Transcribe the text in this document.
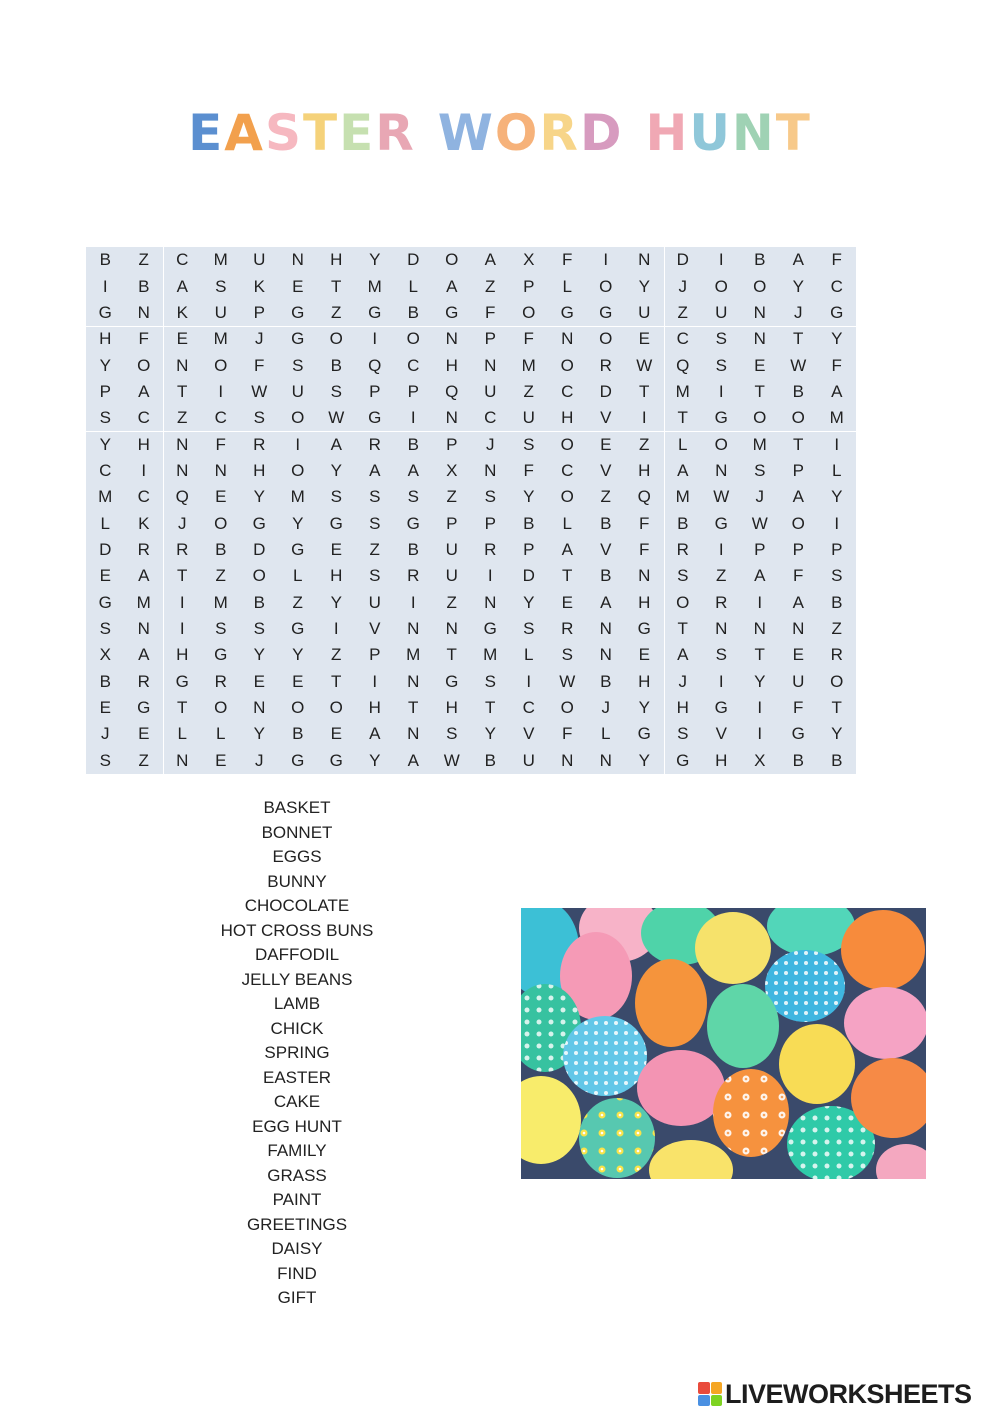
EASTER WORD HUNT
B	Z	C	M	U	N	H	Y	D	O	A	X	F	I	N	D	I	B	A	F
I	B	A	S	K	E	T	M	L	A	Z	P	L	O	Y	J	O	O	Y	C
G	N	K	U	P	G	Z	G	B	G	F	O	G	G	U	Z	U	N	J	G
H	F	E	M	J	G	O	I	O	N	P	F	N	O	E	C	S	N	T	Y
Y	O	N	O	F	S	B	Q	C	H	N	M	O	R	W	Q	S	E	W	F
P	A	T	I	W	U	S	P	P	Q	U	Z	C	D	T	M	I	T	B	A
S	C	Z	C	S	O	W	G	I	N	C	U	H	V	I	T	G	O	O	M
Y	H	N	F	R	I	A	R	B	P	J	S	O	E	Z	L	O	M	T	I
C	I	N	N	H	O	Y	A	A	X	N	F	C	V	H	A	N	S	P	L
M	C	Q	E	Y	M	S	S	S	Z	S	Y	O	Z	Q	M	W	J	A	Y
L	K	J	O	G	Y	G	S	G	P	P	B	L	B	F	B	G	W	O	I
D	R	R	B	D	G	E	Z	B	U	R	P	A	V	F	R	I	P	P	P
E	A	T	Z	O	L	H	S	R	U	I	D	T	B	N	S	Z	A	F	S
G	M	I	M	B	Z	Y	U	I	Z	N	Y	E	A	H	O	R	I	A	B
S	N	I	S	S	G	I	V	N	N	G	S	R	N	G	T	N	N	N	Z
X	A	H	G	Y	Y	Z	P	M	T	M	L	S	N	E	A	S	T	E	R
B	R	G	R	E	E	T	I	N	G	S	I	W	B	H	J	I	Y	U	O
E	G	T	O	N	O	O	H	T	H	T	C	O	J	Y	H	G	I	F	T
J	E	L	L	Y	B	E	A	N	S	Y	V	F	L	G	S	V	I	G	Y
S	Z	N	E	J	G	G	Y	A	W	B	U	N	N	Y	G	H	X	B	B
BASKET
BONNET
EGGS
BUNNY
CHOCOLATE
HOT CROSS BUNS
DAFFODIL
JELLY BEANS
LAMB
CHICK
SPRING
EASTER
CAKE
EGG HUNT
FAMILY
GRASS
PAINT
GREETINGS
DAISY
FIND
GIFT
LIVEWORKSHEETS
